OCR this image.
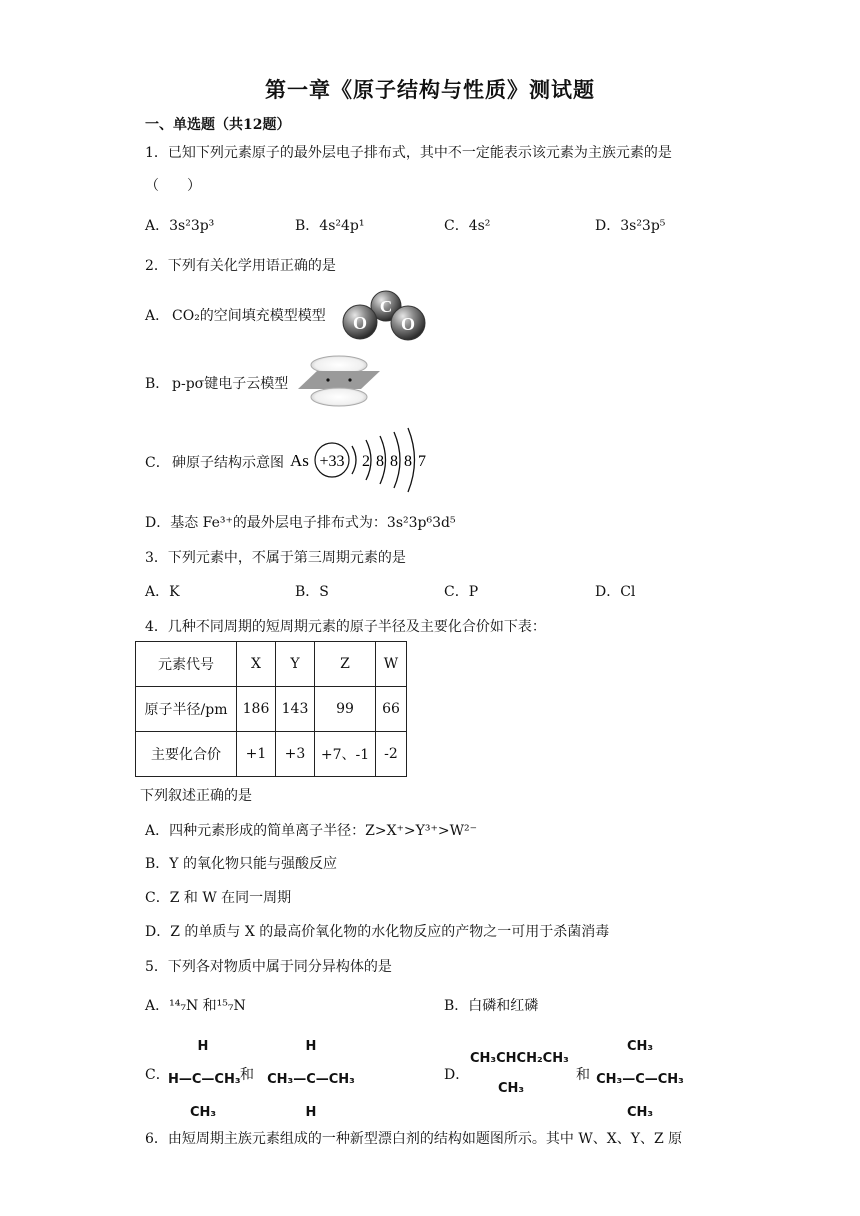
第一章《原子结构与性质》测试题
一、单选题（共12题）
1．已知下列元素原子的最外层电子排布式，其中不一定能表示该元素为主族元素的是
（　　）
A．3s²3p³	B．4s²4p¹	C．4s²	D．3s²3p⁵
2．下列有关化学用语正确的是
A． CO₂的空间填充模型模型	C
O O
B． p-pσ键电子云模型
C． 砷原子结构示意图 As +33 2 8 8 8 7
D．基态 Fe³⁺的最外层电子排布式为：3s²3p⁶3d⁵
3．下列元素中，不属于第三周期元素的是
A．K	B．S	C．P	D．Cl
4．几种不同周期的短周期元素的原子半径及主要化合价如下表：
元素代号	X	Y	Z	W
原子半径/pm	186	143	99	66
主要化合价	+1	+3	+7、-1	-2
下列叙述正确的是
A．四种元素形成的简单离子半径：Z>X⁺>Y³⁺>W²⁻
B．Y 的氧化物只能与强酸反应
C．Z 和 W 在同一周期
D．Z 的单质与 X 的最高价氧化物的水化物反应的产物之一可用于杀菌消毒
5．下列各对物质中属于同分异构体的是
A．¹⁴₇N 和¹⁵₇N	B．白磷和红磷
C．
H
H—C—CH₃
CH₃
和
H
CH₃—C—CH₃
H
D．
CH₃CHCH₂CH₃
CH₃
和
CH₃
CH₃—C—CH₃
CH₃
6．由短周期主族元素组成的一种新型漂白剂的结构如题图所示。其中 W、X、Y、Z 原
